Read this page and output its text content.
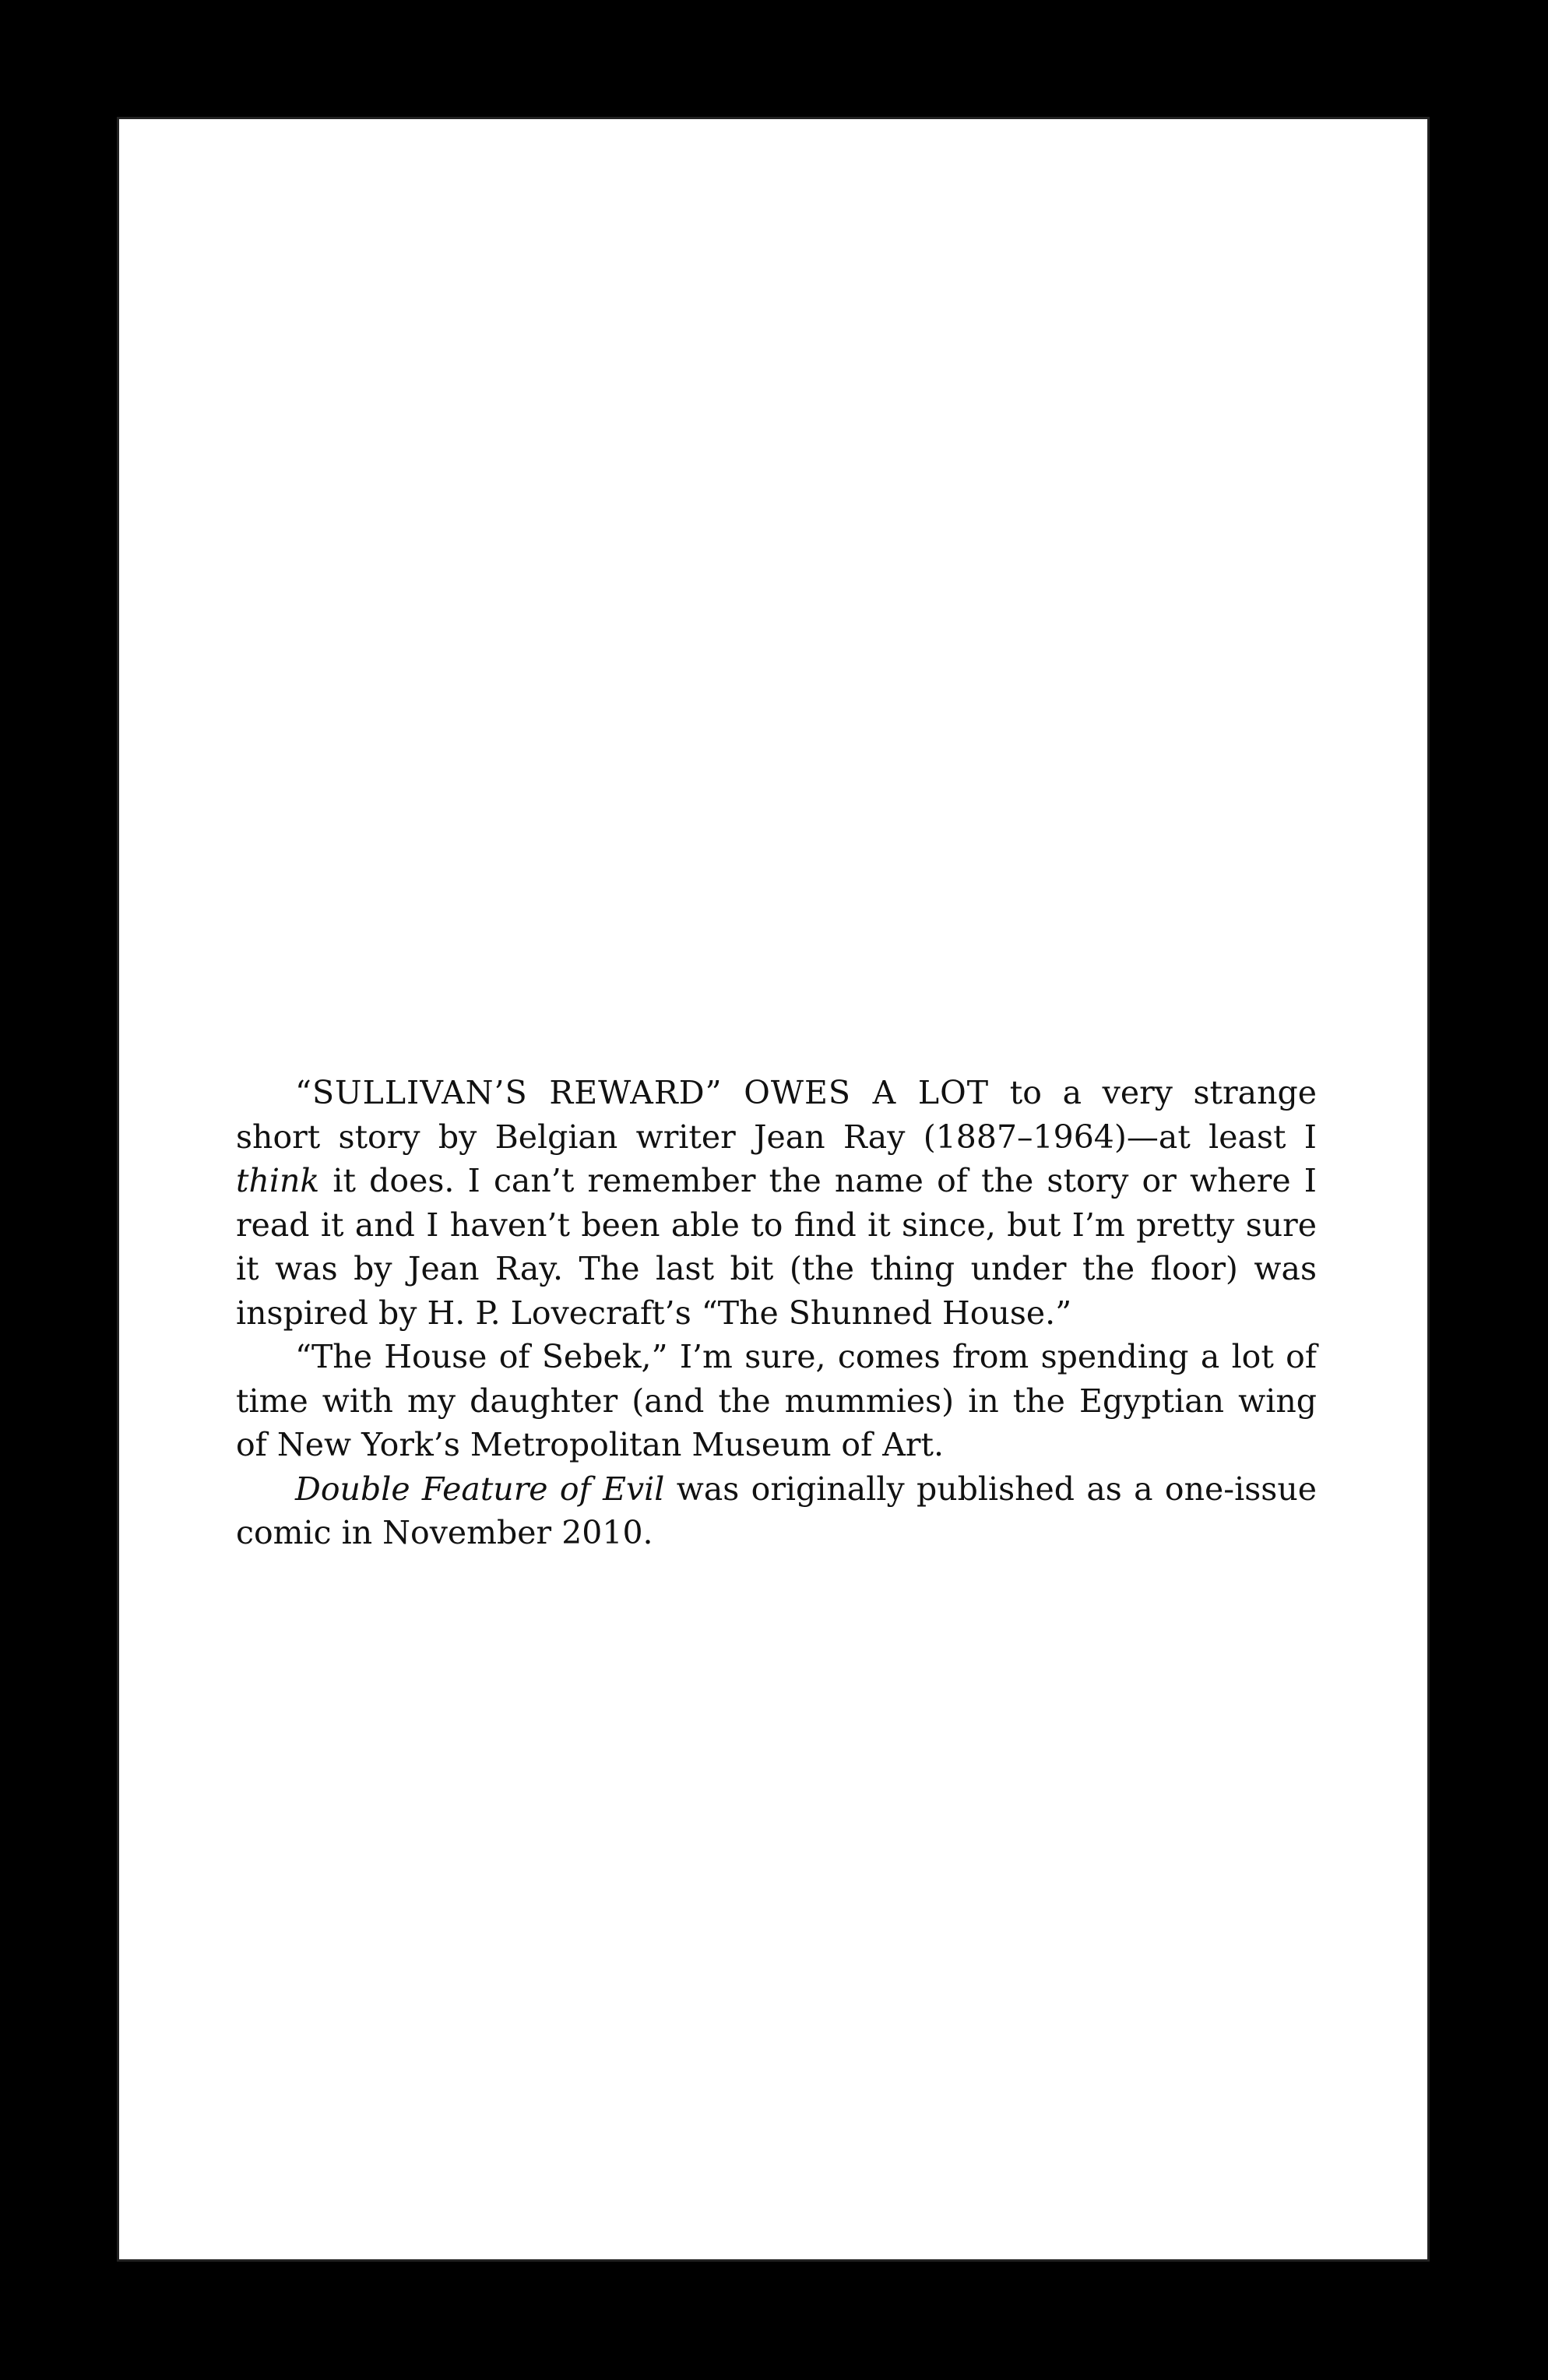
“SULLIVAN’S REWARD” OWES A LOT to a very strange short story by Belgian writer Jean Ray (1887–1964)—at least I think it does. I can’t remember the name of the story or where I read it and I haven’t been able to find it since, but I’m pretty sure it was by Jean Ray. The last bit (the thing under the floor) was inspired by H. P. Lovecraft’s “The Shunned House.”

“The House of Sebek,” I’m sure, comes from spending a lot of time with my daughter (and the mummies) in the Egyptian wing of New York’s Metropolitan Museum of Art.

Double Feature of Evil was originally published as a one-issue comic in November 2010.
